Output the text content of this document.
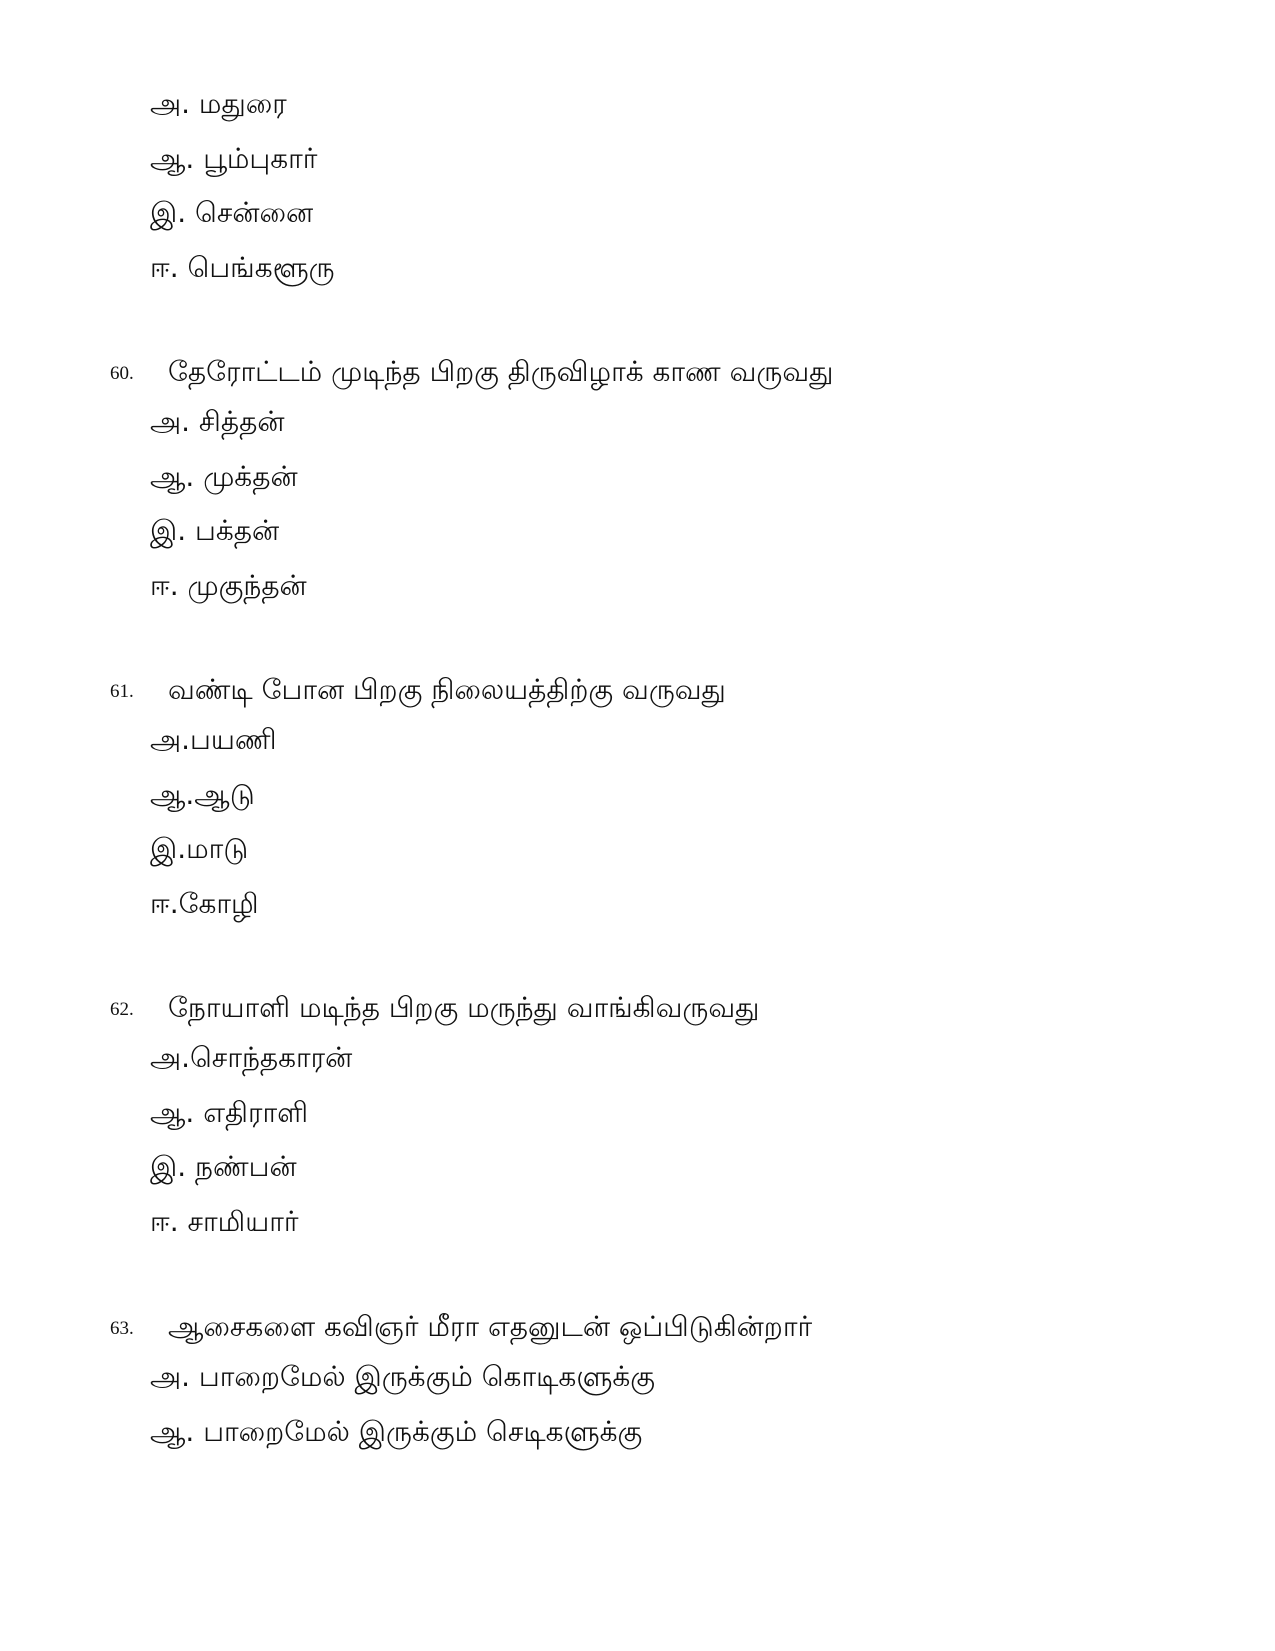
அ. மதுரை
ஆ. பூம்புகார்
இ. சென்னை
ஈ. பெங்களூரு
60. தேரோட்டம் முடிந்த பிறகு திருவிழாக் காண வருவது
அ. சித்தன்
ஆ. முக்தன்
இ. பக்தன்
ஈ. முகுந்தன்
61. வண்டி போன பிறகு நிலையத்திற்கு வருவது
அ.பயணி
ஆ.ஆடு
இ.மாடு
ஈ.கோழி
62. நோயாளி மடிந்த பிறகு மருந்து வாங்கிவருவது
அ.சொந்தகாரன்
ஆ. எதிராளி
இ. நண்பன்
ஈ. சாமியார்
63. ஆசைகளை கவிஞர் மீரா எதனுடன் ஒப்பிடுகின்றார்
அ. பாறைமேல் இருக்கும் கொடிகளுக்கு
ஆ. பாறைமேல் இருக்கும் செடிகளுக்கு
